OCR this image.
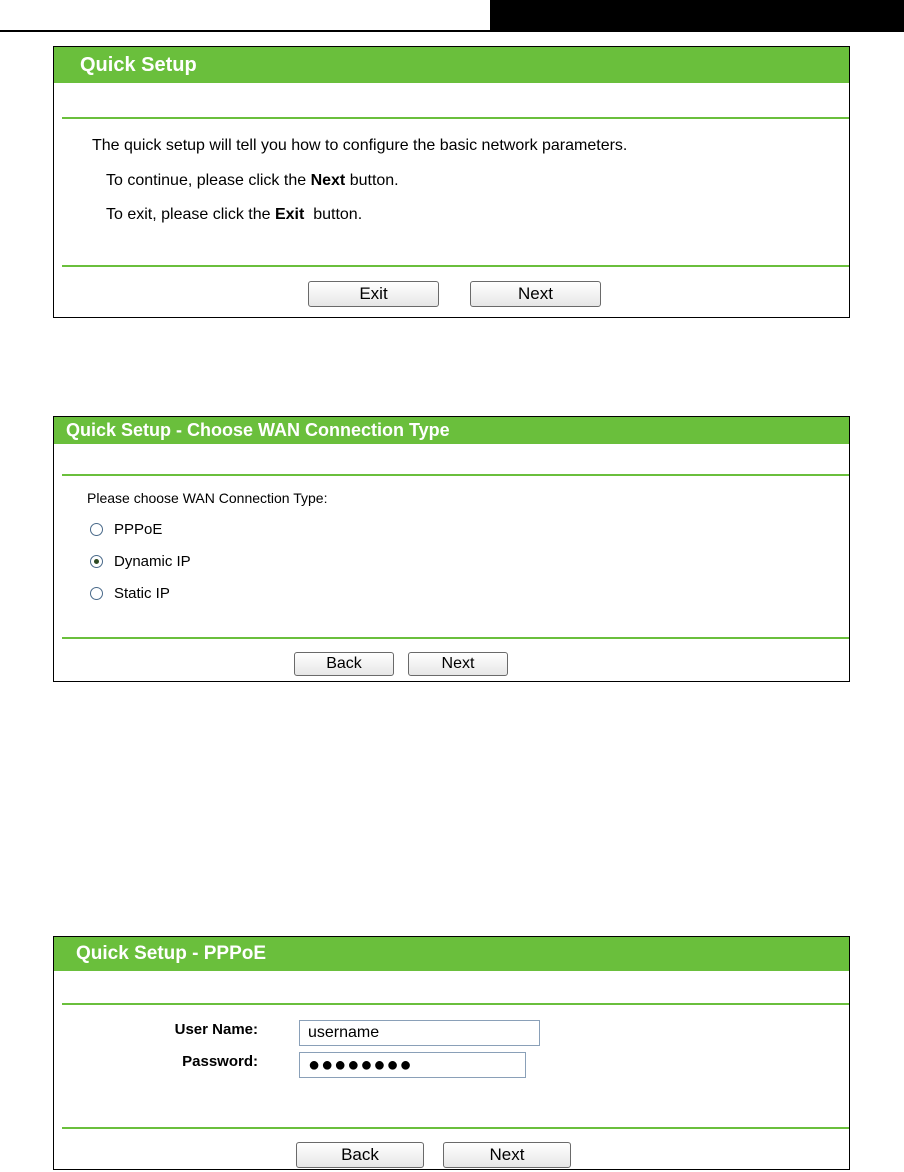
Quick Setup
The quick setup will tell you how to configure the basic network parameters.
To continue, please click the Next button.
To exit, please click the Exit  button.
Exit	Next
Quick Setup - Choose WAN Connection Type
Please choose WAN Connection Type:
PPPoE
Dynamic IP
Static IP
Back	Next
Quick Setup - PPPoE
User Name:
username
Password:	●●●●●●●●
Back	Next
